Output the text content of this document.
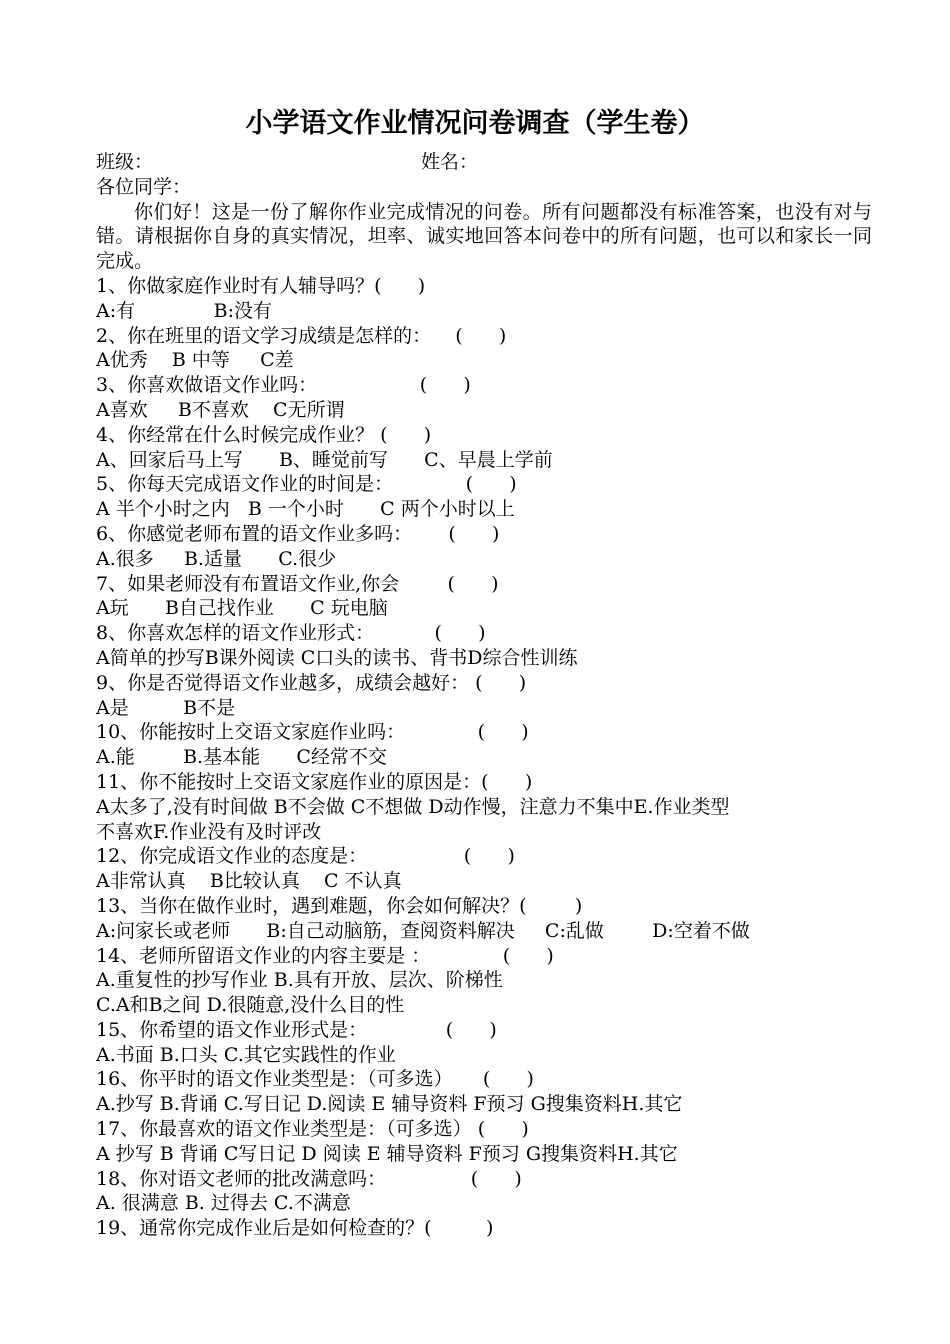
小学语文作业情况问卷调查（学生卷）
班级：	姓名：
各位同学：
你们好！这是一份了解你作业完成情况的问卷。所有问题都没有标准答案，也没有对与错。请根据你自身的真实情况，坦率、诚实地回答本问卷中的所有问题，也可以和家长一同完成。
1、你做家庭作业时有人辅导吗？(      )
A:有             B:没有
2、你在班里的语文学习成绩是怎样的：    (      )
A优秀    B 中等     C差
3、你喜欢做语文作业吗：                 (      )
A喜欢     B不喜欢    C无所谓
4、你经常在什么时候完成作业？ (      )
A、回家后马上写      B、睡觉前写      C、早晨上学前
5、你每天完成语文作业的时间是：            (      )
A 半个小时之内   B 一个小时      C 两个小时以上
6、你感觉老师布置的语文作业多吗：      (      )
A.很多     B.适量      C.很少
7、如果老师没有布置语文作业,你会        (      )
A玩      B自己找作业      C 玩电脑
8、你喜欢怎样的语文作业形式：          (      )
A简单的抄写B课外阅读 C口头的读书、背书D综合性训练
9、你是否觉得语文作业越多，成绩会越好： (      )
A是         B不是
10、你能按时上交语文家庭作业吗：            (      )
A.能        B.基本能      C经常不交
11、你不能按时上交语文家庭作业的原因是：(      )
A太多了,没有时间做 B不会做 C不想做 D动作慢，注意力不集中E.作业类型
不喜欢F.作业没有及时评改
12、你完成语文作业的态度是：                (      )
A非常认真    B比较认真    C 不认真
13、当你在做作业时，遇到难题，你会如何解决？(        )
A:问家长或老师      B:自己动脑筋，查阅资料解决     C:乱做        D:空着不做
14、老师所留语文作业的内容主要是 ：            (      )
A.重复性的抄写作业 B.具有开放、层次、阶梯性
C.A和B之间 D.很随意,没什么目的性
15、你希望的语文作业形式是：             (      )
A.书面 B.口头 C.其它实践性的作业
16、你平时的语文作业类型是：（可多选）     (      )
A.抄写 B.背诵 C.写日记 D.阅读 E 辅导资料 F预习 G搜集资料H.其它
17、你最喜欢的语文作业类型是：（可多选） (      )
A 抄写 B 背诵 C写日记 D 阅读 E 辅导资料 F预习 G搜集资料H.其它
18、你对语文老师的批改满意吗：              (      )
A. 很满意 B. 过得去 C.不满意
19、通常你完成作业后是如何检查的？(         )
